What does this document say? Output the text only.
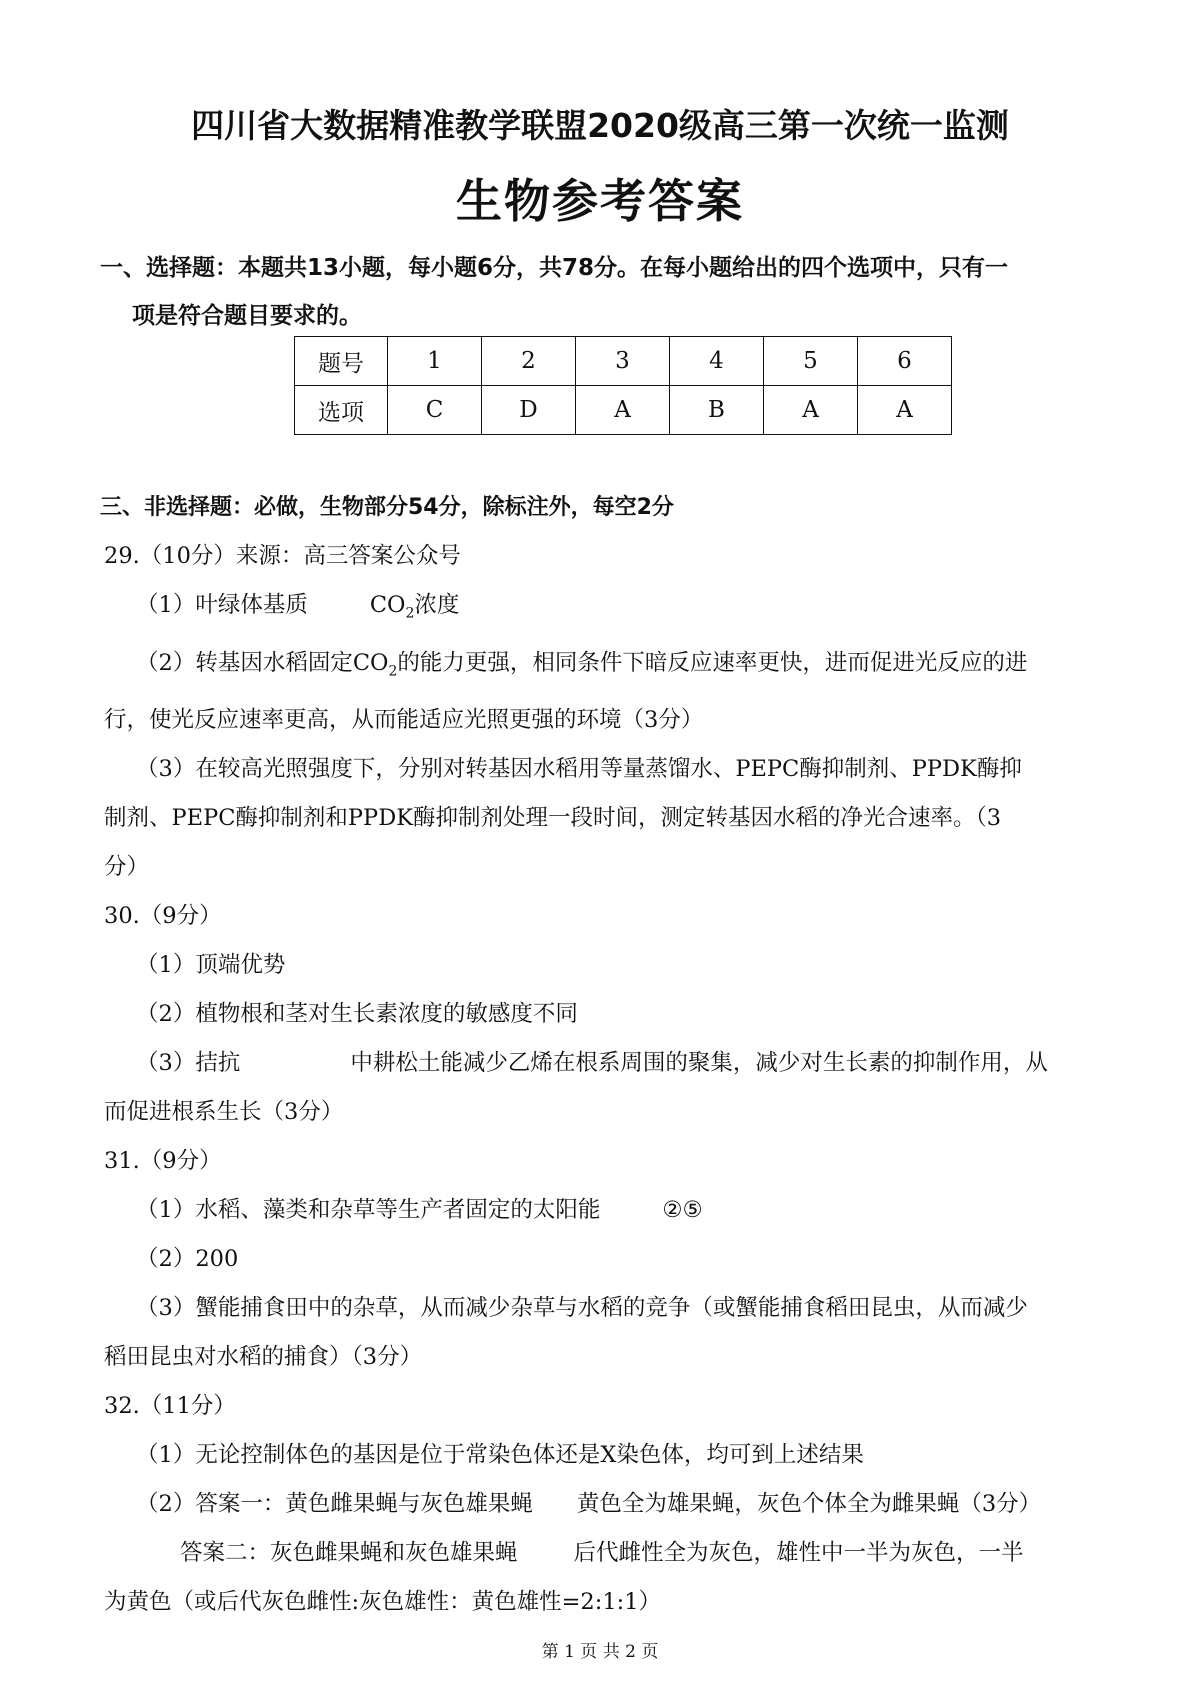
四川省大数据精准教学联盟2020级高三第一次统一监测
生物参考答案
一、选择题：本题共13小题，每小题6分，共78分。在每小题给出的四个选项中，只有一
项是符合题目要求的。
题号	1	2	3	4	5	6
选项	C	D	A	B	A	A
三、非选择题：必做，生物部分54分，除标注外，每空2分

29.（10分）来源：高三答案公众号

（1）叶绿体基质	$CO_2$浓度

（2）转基因水稻固定$CO_2$的能力更强，相同条件下暗反应速率更快，进而促进光反应的进

行，使光反应速率更高，从而能适应光照更强的环境（3分）

（3）在较高光照强度下，分别对转基因水稻用等量蒸馏水、PEPC酶抑制剂、PPDK酶抑

制剂、PEPC酶抑制剂和PPDK酶抑制剂处理一段时间，测定转基因水稻的净光合速率。（3

分）

30.（9分）

（1）顶端优势

（2）植物根和茎对生长素浓度的敏感度不同

（3）拮抗	中耕松土能减少乙烯在根系周围的聚集，减少对生长素的抑制作用，从

而促进根系生长（3分）

31.（9分）

（1）水稻、藻类和杂草等生产者固定的太阳能	②⑤

（2）200

（3）蟹能捕食田中的杂草，从而减少杂草与水稻的竞争（或蟹能捕食稻田昆虫，从而减少

稻田昆虫对水稻的捕食）（3分）

32.（11分）

（1）无论控制体色的基因是位于常染色体还是X染色体，均可到上述结果

（2）答案一：黄色雌果蝇与灰色雄果蝇 黄色全为雄果蝇，灰色个体全为雌果蝇（3分）

答案二：灰色雌果蝇和灰色雄果蝇 后代雌性全为灰色，雄性中一半为灰色，一半

为黄色（或后代灰色雌性:灰色雄性：黄色雄性=2:1:1）

第 1 页 共 2 页
